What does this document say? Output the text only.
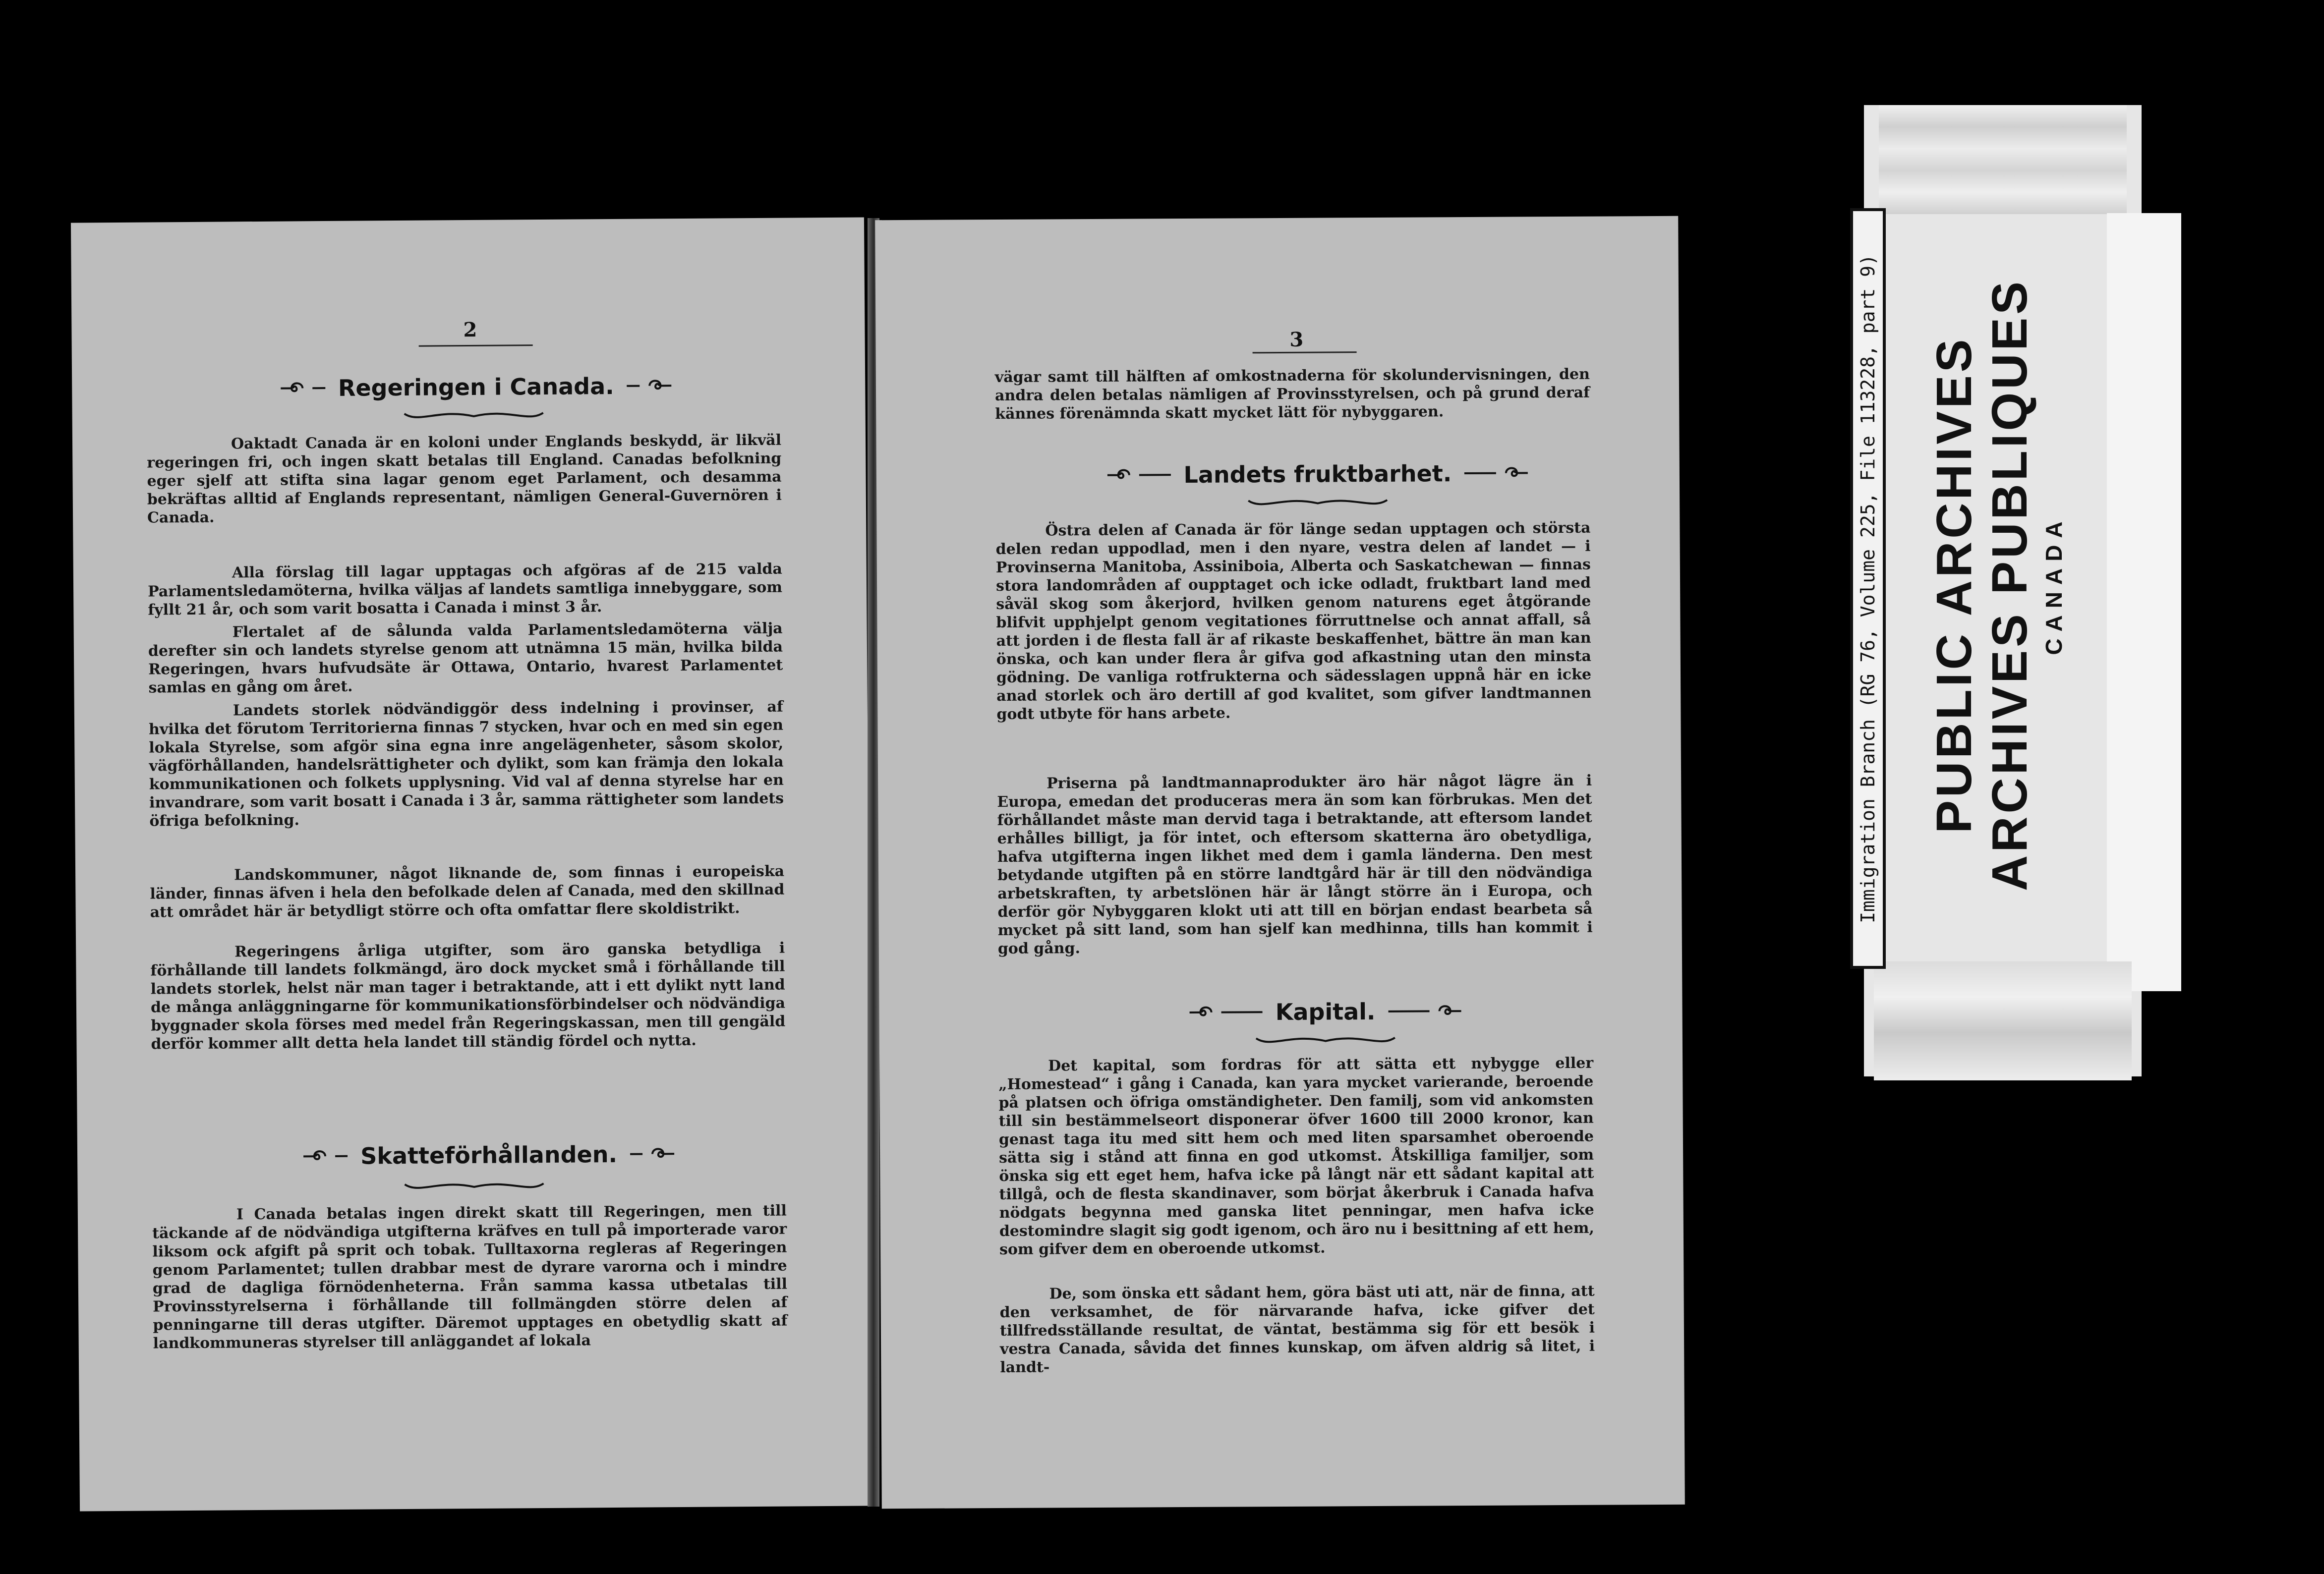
2
Regeringen i Canada.
Oaktadt Canada är en koloni under Englands beskydd, är likväl regeringen fri, och ingen skatt betalas till England. Canadas befolkning eger sjelf att stifta sina lagar genom eget Parlament, och desamma bekräftas alltid af Englands representant, nämligen General-Guvernören i Canada.
Alla förslag till lagar upptagas och afgöras af de 215 valda Parlamentsledamöterna, hvilka väljas af landets samtliga innebyggare, som fyllt 21 år, och som varit bosatta i Canada i minst 3 år.
Flertalet af de sålunda valda Parlamentsledamöterna välja derefter sin och landets styrelse genom att utnämna 15 män, hvilka bilda Regeringen, hvars hufvudsäte är Ottawa, Ontario, hvarest Parlamentet samlas en gång om året.
Landets storlek nödvändiggör dess indelning i provinser, af hvilka det förutom Territorierna finnas 7 stycken, hvar och en med sin egen lokala Styrelse, som afgör sina egna inre angelägenheter, såsom skolor, vägförhållanden, handelsrättigheter och dylikt, som kan främja den lokala kommunikationen och folkets upplysning. Vid val af denna styrelse har en invandrare, som varit bosatt i Canada i 3 år, samma rättigheter som landets öfriga befolkning.
Landskommuner, något liknande de, som finnas i europeiska länder, finnas äfven i hela den befolkade delen af Canada, med den skillnad att området här är betydligt större och ofta omfattar flere skoldistrikt.
Regeringens årliga utgifter, som äro ganska betydliga i förhållande till landets folkmängd, äro dock mycket små i förhållande till landets storlek, helst när man tager i betraktande, att i ett dylikt nytt land de många anläggningarne för kommunikationsförbindelser och nödvändiga byggnader skola förses med medel från Regeringskassan, men till gengäld derför kommer allt detta hela landet till ständig fördel och nytta.
Skatteförhållanden.
I Canada betalas ingen direkt skatt till Regeringen, men till täckande af de nödvändiga utgifterna kräfves en tull på importerade varor liksom ock afgift på sprit och tobak. Tulltaxorna regleras af Regeringen genom Parlamentet; tullen drabbar mest de dyrare varorna och i mindre grad de dagliga förnödenheterna. Från samma kassa utbetalas till Provinsstyrelserna i förhållande till follmängden större delen af penningarne till deras utgifter. Däremot upptages en obetydlig skatt af landkommuneras styrelser till anläggandet af lokala
3
vägar samt till hälften af omkostnaderna för skolundervisningen, den andra delen betalas nämligen af Provinsstyrelsen, och på grund deraf kännes förenämnda skatt mycket lätt för nybyggaren.
Landets fruktbarhet.
Östra delen af Canada är för länge sedan upptagen och största delen redan uppodlad, men i den nyare, vestra delen af landet — i Provinserna Manitoba, Assiniboia, Alberta och Saskatchewan — finnas stora landområden af oupptaget och icke odladt, fruktbart land med såväl skog som åkerjord, hvilken genom naturens eget åtgörande blifvit upphjelpt genom vegitationes förruttnelse och annat affall, så att jorden i de flesta fall är af rikaste beskaffenhet, bättre än man kan önska, och kan under flera år gifva god afkastning utan den minsta gödning. De vanliga rotfrukterna och sädesslagen uppnå här en icke anad storlek och äro dertill af god kvalitet, som gifver landtmannen godt utbyte för hans arbete.
Priserna på landtmannaprodukter äro här något lägre än i Europa, emedan det produceras mera än som kan förbrukas. Men det förhållandet måste man dervid taga i betraktande, att eftersom landet erhålles billigt, ja för intet, och eftersom skatterna äro obetydliga, hafva utgifterna ingen likhet med dem i gamla länderna. Den mest betydande utgiften på en större landtgård här är till den nödvändiga arbetskraften, ty arbetslönen här är långt större än i Europa, och derför gör Nybyggaren klokt uti att till en början endast bearbeta så mycket på sitt land, som han sjelf kan medhinna, tills han kommit i god gång.
Kapital.
Det kapital, som fordras för att sätta ett nybygge eller „Homestead“ i gång i Canada, kan yara mycket varierande, beroende på platsen och öfriga omständigheter. Den familj, som vid ankomsten till sin bestämmelseort disponerar öfver 1600 till 2000 kronor, kan genast taga itu med sitt hem och med liten sparsamhet oberoende sätta sig i stånd att finna en god utkomst. Åtskilliga familjer, som önska sig ett eget hem, hafva icke på långt när ett sådant kapital att tillgå, och de flesta skandinaver, som börjat åkerbruk i Canada hafva nödgats begynna med ganska litet penningar, men hafva icke destomindre slagit sig godt igenom, och äro nu i besittning af ett hem, som gifver dem en oberoende utkomst.
De, som önska ett sådant hem, göra bäst uti att, när de finna, att den verksamhet, de för närvarande hafva, icke gifver det tillfredsställande resultat, de väntat, bestämma sig för ett besök i vestra Canada, såvida det finnes kunskap, om äfven aldrig så litet, i landt-
Immigration Branch (RG 76, Volume 225, File 113228, part 9) PUBLIC ARCHIVES ARCHIVES PUBLIQUES CANADA
